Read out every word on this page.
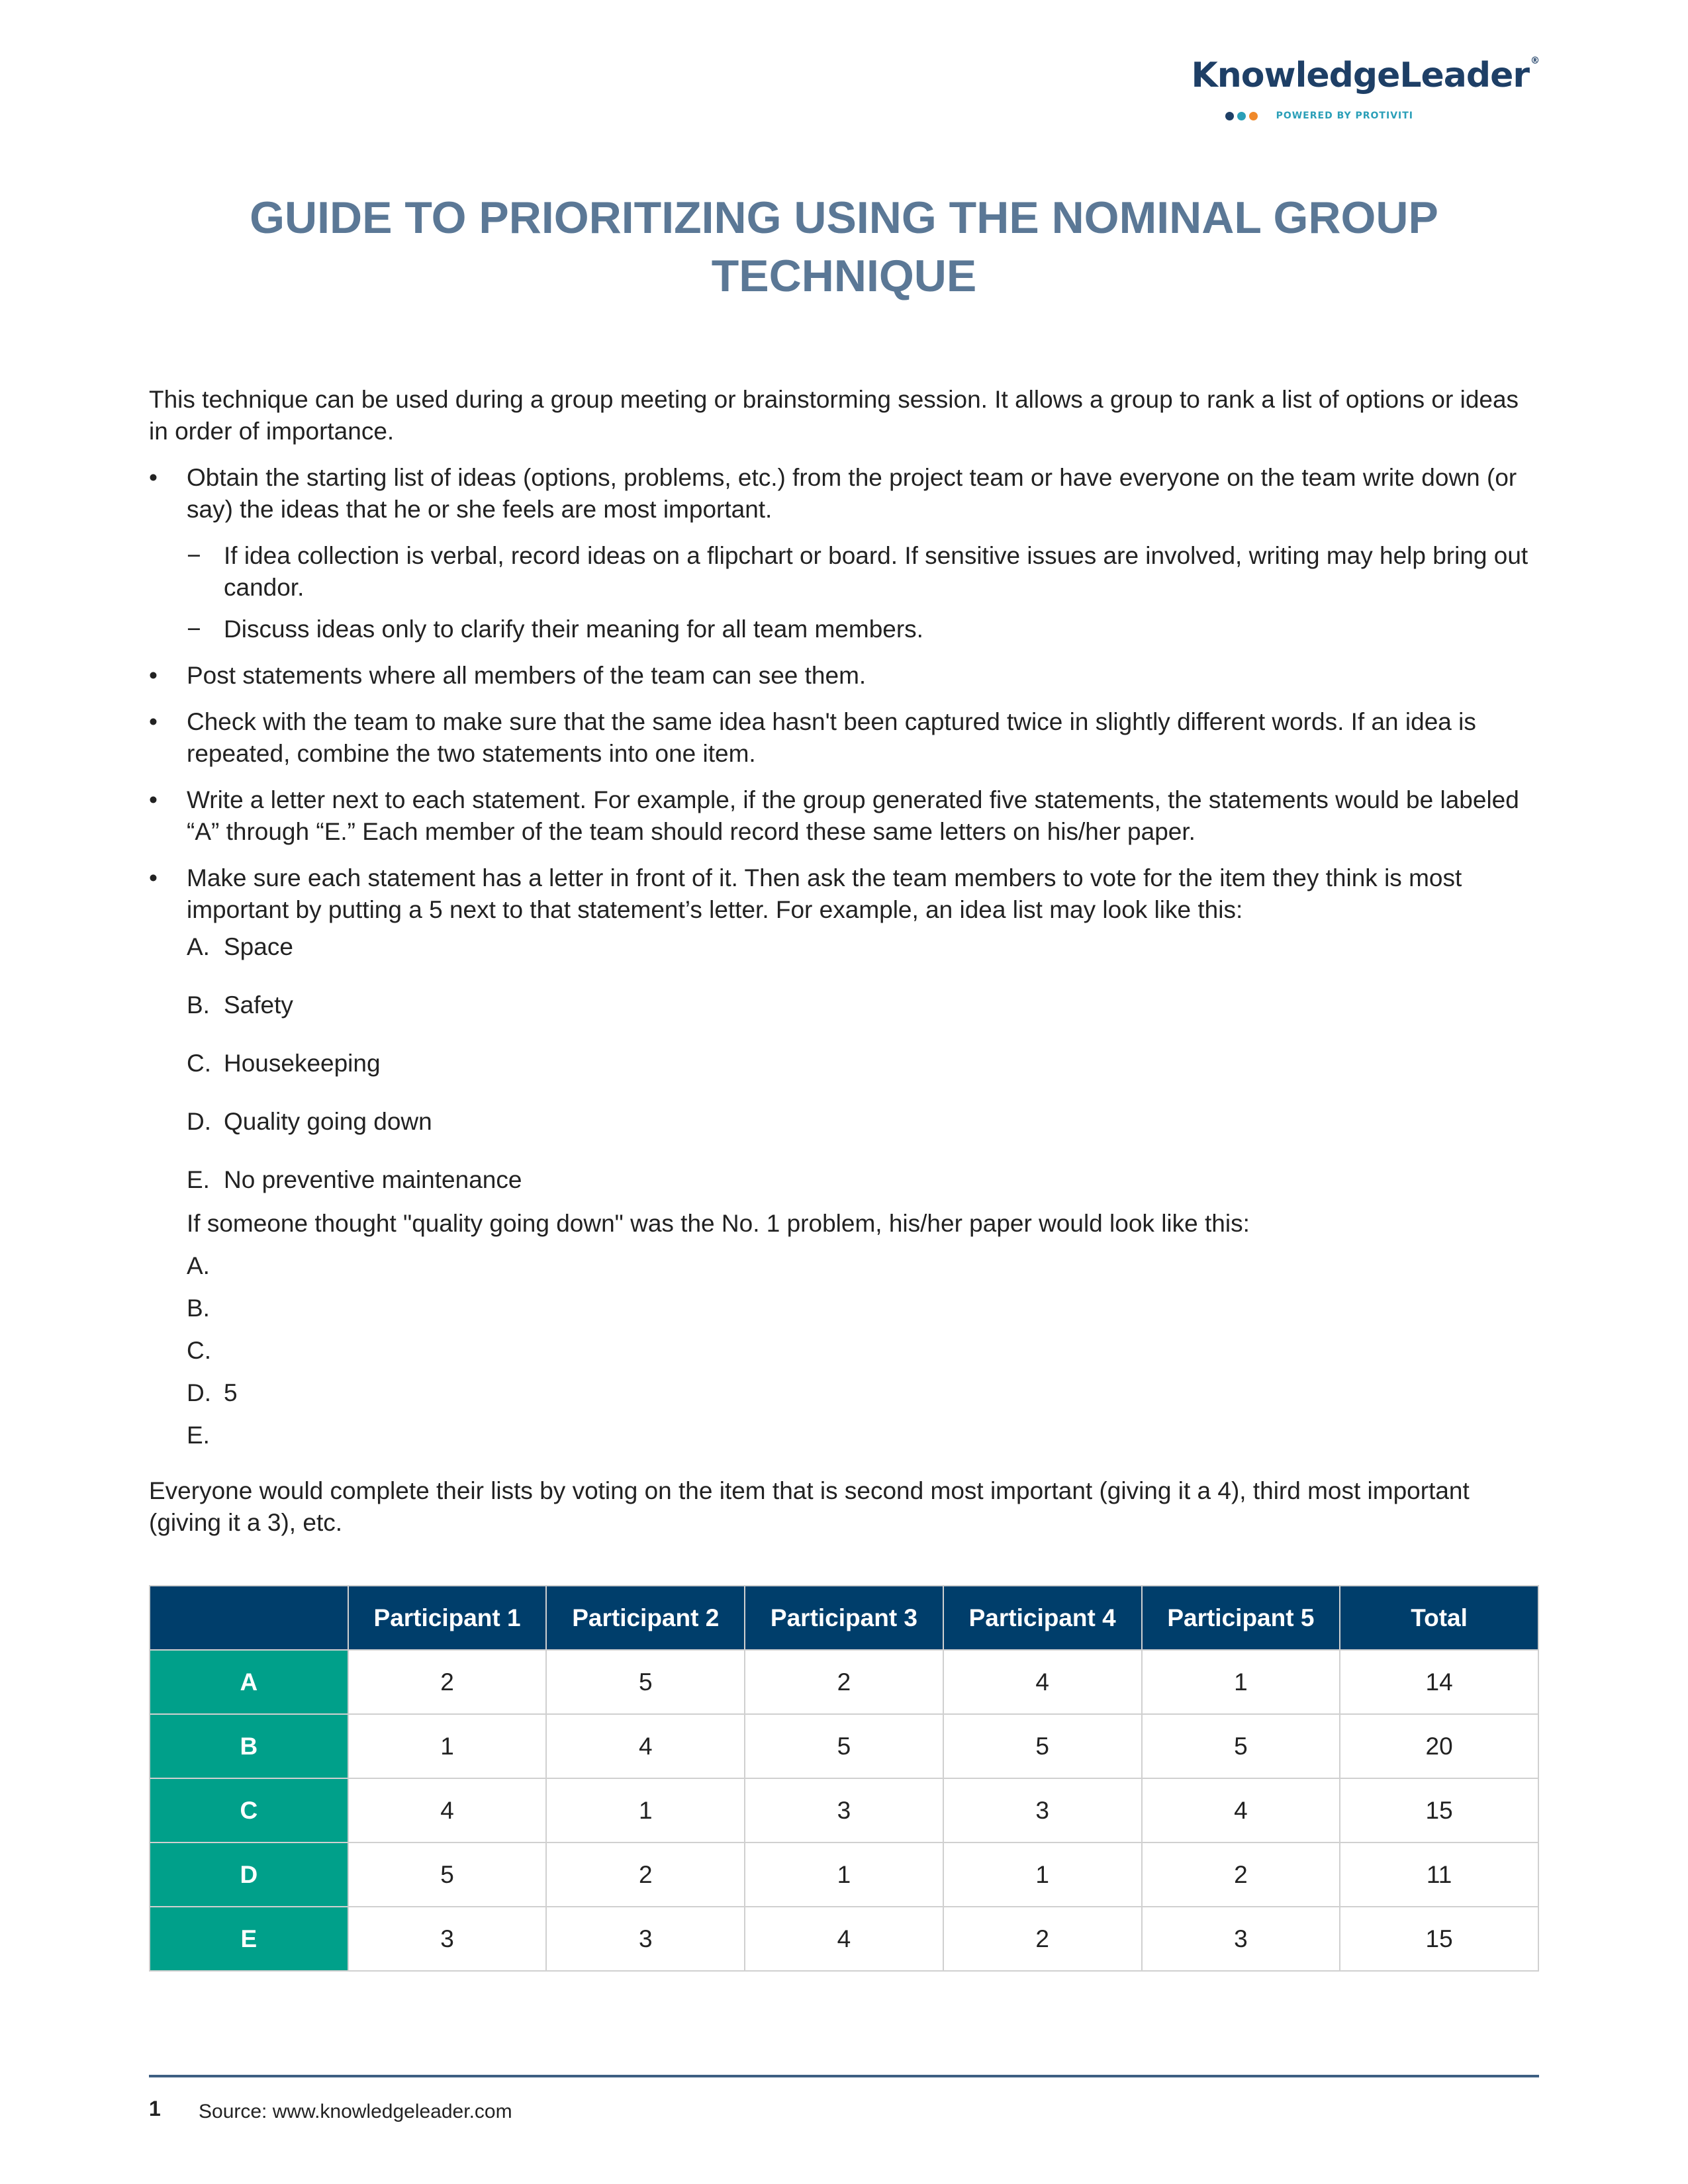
KnowledgeLeader ®
POWERED BY PROTIVITI
GUIDE TO PRIORITIZING USING THE NOMINAL GROUP
TECHNIQUE

This technique can be used during a group meeting or brainstorming session. It allows a group to rank a list of options or ideas in order of importance.

• Obtain the starting list of ideas (options, problems, etc.) from the project team or have everyone on the team write down (or say) the ideas that he or she feels are most important.
− If idea collection is verbal, record ideas on a flipchart or board. If sensitive issues are involved, writing may help bring out candor.
− Discuss ideas only to clarify their meaning for all team members.
• Post statements where all members of the team can see them.
• Check with the team to make sure that the same idea hasn't been captured twice in slightly different words. If an idea is repeated, combine the two statements into one item.
• Write a letter next to each statement. For example, if the group generated five statements, the statements would be labeled “A” through “E.” Each member of the team should record these same letters on his/her paper.
• Make sure each statement has a letter in front of it. Then ask the team members to vote for the item they think is most important by putting a 5 next to that statement’s letter. For example, an idea list may look like this:
A. Space
B. Safety
C. Housekeeping
D. Quality going down
E. No preventive maintenance

If someone thought "quality going down" was the No. 1 problem, his/her paper would look like this:

A.
B.
C.
D. 5
E.

Everyone would complete their lists by voting on the item that is second most important (giving it a 4), third most important (giving it a 3), etc.

	Participant 1	Participant 2	Participant 3	Participant 4	Participant 5	Total
A	2	5	2	4	1	14
B	1	4	5	5	5	20
C	4	1	3	3	4	15
D	5	2	1	1	2	11
E	3	3	4	2	3	15
1 Source: www.knowledgeleader.com
